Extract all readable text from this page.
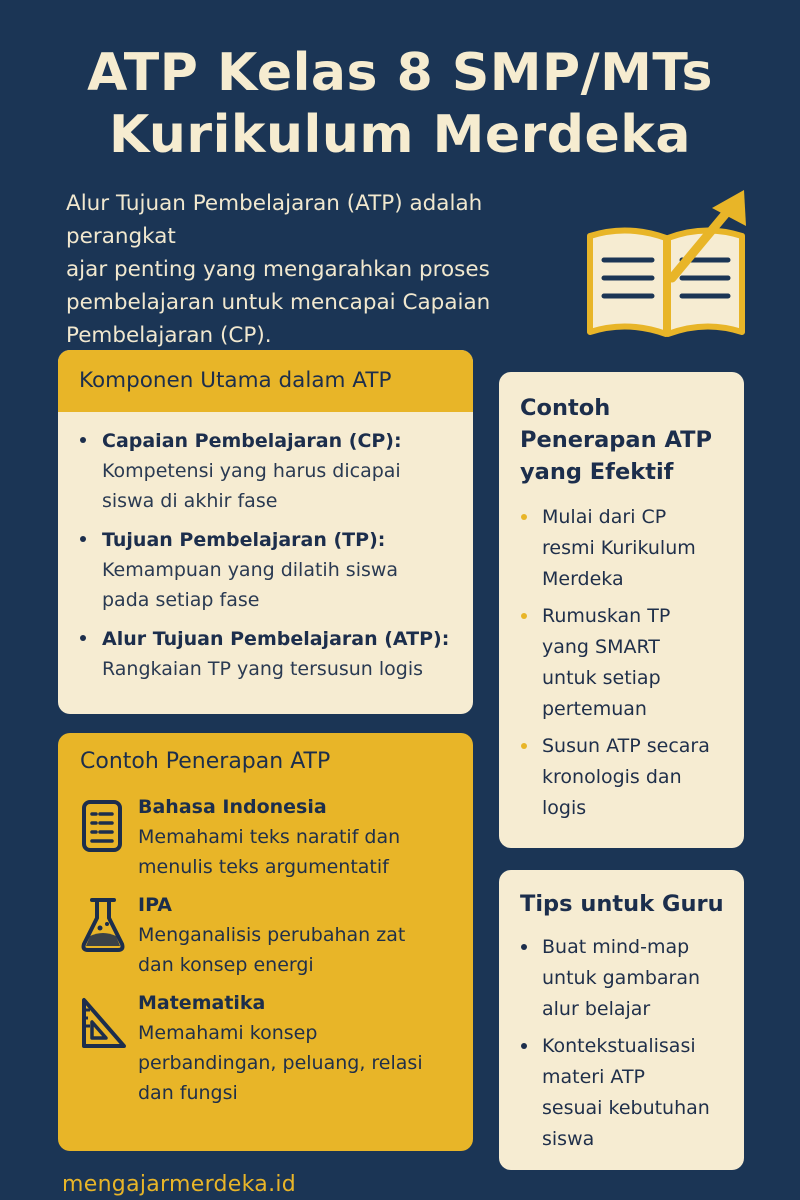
ATP Kelas 8 SMP/MTs
Kurikulum Merdeka
Alur Tujuan Pembelajaran (ATP) adalah perangkat
ajar penting yang mengarahkan proses
pembelajaran untuk mencapai Capaian
Pembelajaran (CP).
Komponen Utama dalam ATP
Capaian Pembelajaran (CP):
Kompetensi yang harus dicapai
siswa di akhir fase
Tujuan Pembelajaran (TP):
Kemampuan yang dilatih siswa
pada setiap fase
Alur Tujuan Pembelajaran (ATP):
Rangkaian TP yang tersusun logis
Contoh Penerapan ATP
Bahasa Indonesia
Memahami teks naratif dan
menulis teks argumentatif
IPA
Menganalisis perubahan zat
dan konsep energi
Matematika
Memahami konsep
perbandingan, peluang, relasi
dan fungsi
Contoh
Penerapan ATP
yang Efektif
Mulai dari CP
resmi Kurikulum
Merdeka
Rumuskan TP
yang SMART
untuk setiap
pertemuan
Susun ATP secara
kronologis dan
logis
Tips untuk Guru
Buat mind-map
untuk gambaran
alur belajar
Kontekstualisasi
materi ATP
sesuai kebutuhan
siswa
mengajarmerdeka.id
